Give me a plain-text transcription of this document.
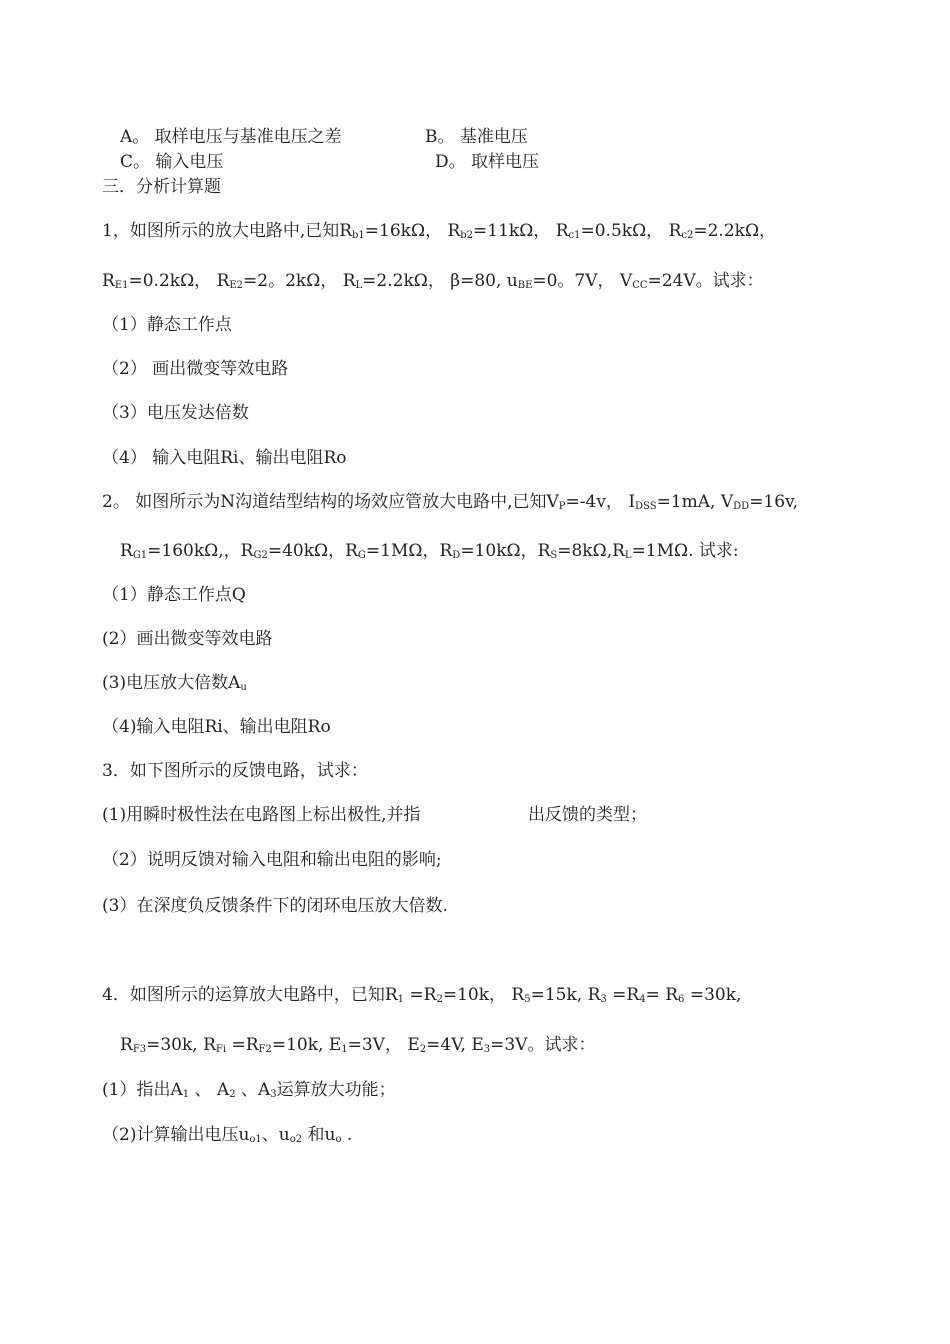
A。 取样电压与基准电压之差	B。 基准电压
C。 输入电压	D。 取样电压
三．分析计算题
1，如图所示的放大电路中,已知$R_{b1}=16k\Omega$， $R_{b2}=11k\Omega$， $R_{c1}=0.5k\Omega$， $R_{c2}=2.2k\Omega$，
$R_{E1}=0.2k\Omega$， $R_{E2}=2$。2kΩ， $R_L=2.2k\Omega$， β=80, $u_{BE}=0$。7V， $V_{CC}=24V$。试求：
（1）静态工作点
（2） 画出微变等效电路
（3）电压发达倍数
（4） 输入电阻Ri、输出电阻Ro
2。 如图所示为N沟道结型结构的场效应管放大电路中,已知$V_P=-4v$， $I_{DSS}=1mA$, $V_{DD}=16v$,
$R_{G1}=160k\Omega$,，$R_{G2}=40k\Omega$，$R_G=1M\Omega$，$R_D=10k\Omega$，$R_S=8k\Omega,R_L=1M\Omega$. 试求:
（1）静态工作点Q
(2）画出微变等效电路
(3)电压放大倍数$A_u$
（4)输入电阻Ri、输出电阻Ro
3．如下图所示的反馈电路，试求：
(1)用瞬时极性法在电路图上标出极性,并指	出反馈的类型；
（2）说明反馈对输入电阻和输出电阻的影响;
(3）在深度负反馈条件下的闭环电压放大倍数.
4．如图所示的运算放大电路中，已知$R_1 =R_2=10k$， $R_5=15k$, $R_3 =R_4= R_6 =30k$,
$R_{F3}=30k$, $R_{Fi} =R_{F2}=10k$, $E_1=3V$， $E_2=4V$, $E_3=3V$。试求：
(1）指出$A_1$ 、 $A_2$ 、$A_3$运算放大功能；
（2)计算输出电压$u_{o1}$、$u_{o2}$ 和$u_o$ .
